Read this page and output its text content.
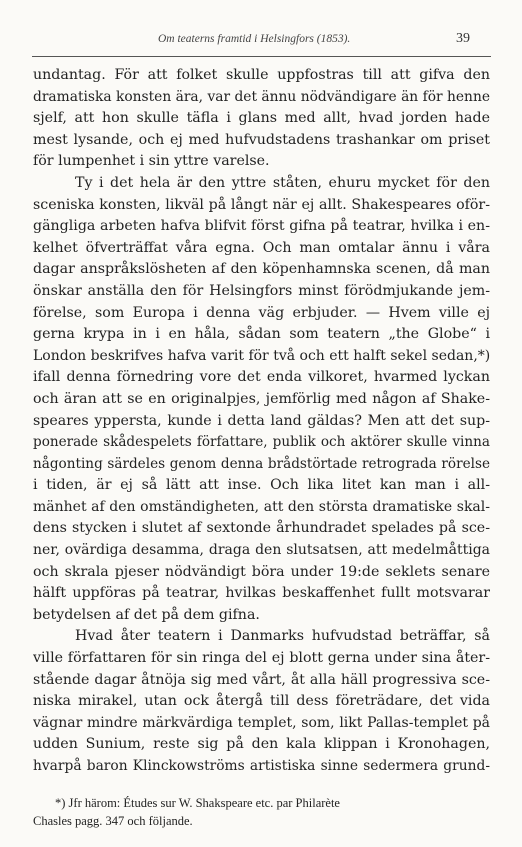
Om teaterns framtid i Helsingfors (1853).	39
undantag. För att folket skulle uppfostras till att gifva den
dramatiska konsten ära, var det ännu nödvändigare än för henne
sjelf, att hon skulle täfla i glans med allt, hvad jorden hade
mest lysande, och ej med hufvudstadens trashankar om priset
för lumpenhet i sin yttre varelse.
Ty i det hela är den yttre ståten, ehuru mycket för den
sceniska konsten, likväl på långt när ej allt. Shakespeares oför-
gängliga arbeten hafva blifvit först gifna på teatrar, hvilka i en-
kelhet öfverträffat våra egna. Och man omtalar ännu i våra
dagar anspråkslösheten af den köpenhamnska scenen, då man
önskar anställa den för Helsingfors minst förödmjukande jem-
förelse, som Europa i denna väg erbjuder. — Hvem ville ej
gerna krypa in i en håla, sådan som teatern „the Globe“ i
London beskrifves hafva varit för två och ett halft sekel sedan,*)
ifall denna förnedring vore det enda vilkoret, hvarmed lyckan
och äran att se en originalpjes, jemförlig med någon af Shake-
speares yppersta, kunde i detta land gäldas? Men att det sup-
ponerade skådespelets författare, publik och aktörer skulle vinna
någonting särdeles genom denna brådstörtade retrograda rörelse
i tiden, är ej så lätt att inse. Och lika litet kan man i all-
mänhet af den omständigheten, att den största dramatiske skal-
dens stycken i slutet af sextonde århundradet spelades på sce-
ner, ovärdiga desamma, draga den slutsatsen, att medelmåttiga
och skrala pjeser nödvändigt böra under 19:de seklets senare
hälft uppföras på teatrar, hvilkas beskaffenhet fullt motsvarar
betydelsen af det på dem gifna.
Hvad åter teatern i Danmarks hufvudstad beträffar, så
ville författaren för sin ringa del ej blott gerna under sina åter-
stående dagar åtnöja sig med vårt, åt alla häll progressiva sce-
niska mirakel, utan ock återgå till dess företrädare, det vida
vägnar mindre märkvärdiga templet, som, likt Pallas-templet på
udden Sunium, reste sig på den kala klippan i Kronohagen,
hvarpå baron Klinckowströms artistiska sinne sedermera grund-
*) Jfr härom: Études sur W. Shakspeare etc. par Philarète
Chasles pagg. 347 och följande.
